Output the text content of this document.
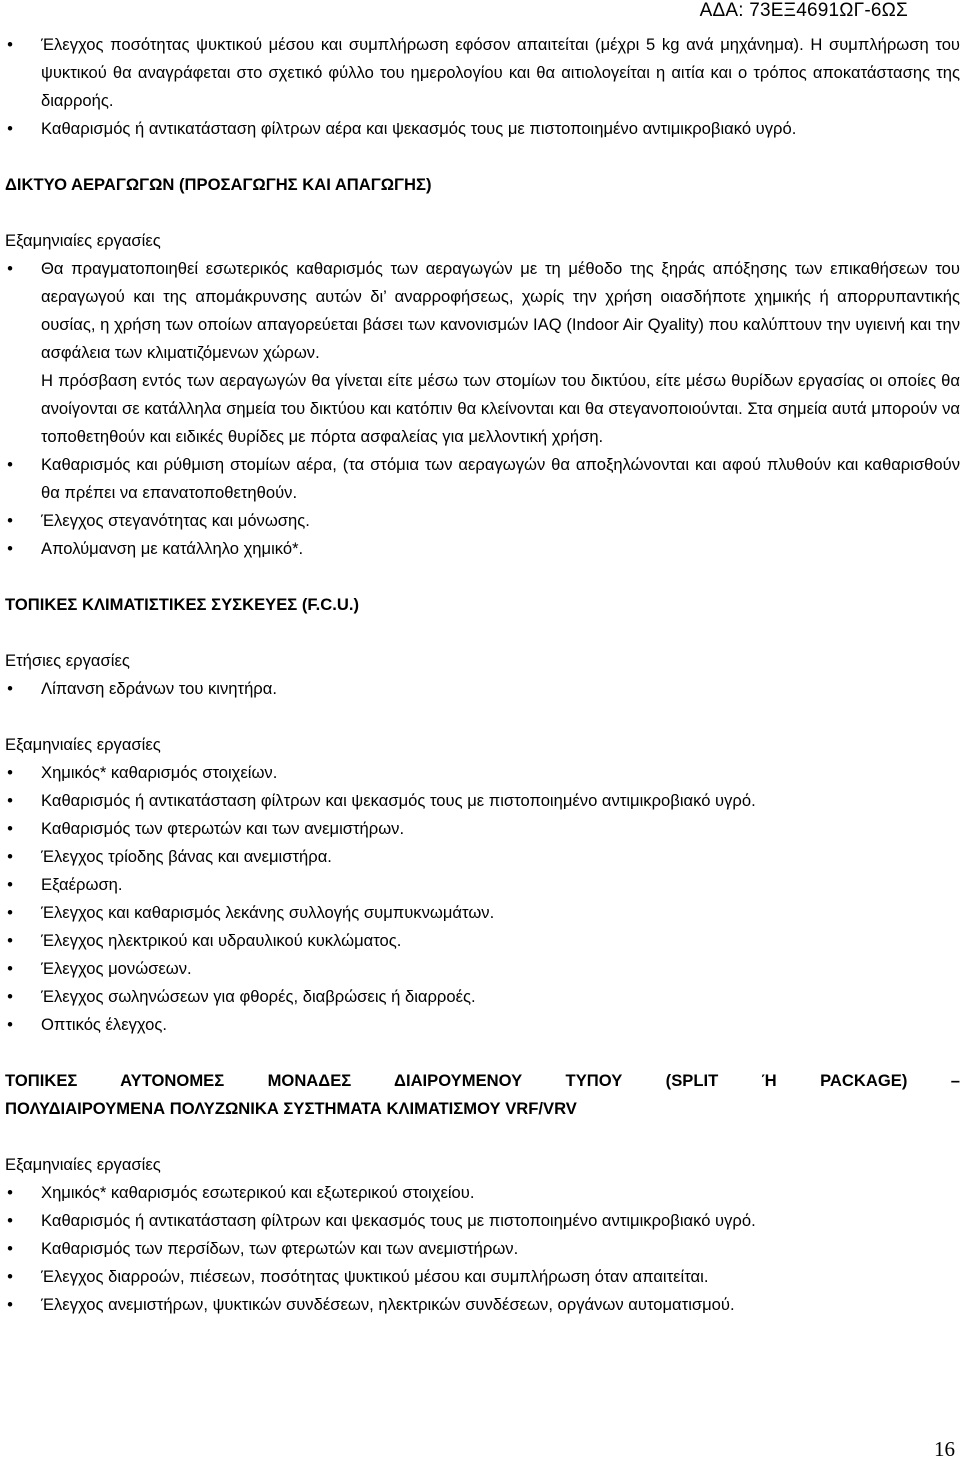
ΑΔΑ: 73ΕΞ4691ΩΓ-6ΩΣ
• Έλεγχος ποσότητας ψυκτικού μέσου και συμπλήρωση εφόσον απαιτείται (μέχρι 5 kg ανά μηχάνημα). Η συμπλήρωση του ψυκτικού θα αναγράφεται στο σχετικό φύλλο του ημερολογίου και θα αιτιολογείται η αιτία και ο τρόπος αποκατάστασης της διαρροής.
• Καθαρισμός ή αντικατάσταση φίλτρων αέρα και ψεκασμός τους με πιστοποιημένο αντιμικροβιακό υγρό.
ΔΙΚΤΥΟ ΑΕΡΑΓΩΓΩΝ (ΠΡΟΣΑΓΩΓΗΣ ΚΑΙ ΑΠΑΓΩΓΗΣ)
Εξαμηνιαίες εργασίες
• Θα πραγματοποιηθεί εσωτερικός καθαρισμός των αεραγωγών με τη μέθοδο της ξηράς απόξησης των επικαθήσεων του αεραγωγού και της απομάκρυνσης αυτών δι’ αναρροφήσεως, χωρίς την χρήση οιασδήποτε χημικής ή απορρυπαντικής ουσίας, η χρήση των οποίων απαγορεύεται βάσει των κανονισμών IAQ (Indoor Air Qyality) που καλύπτουν την υγιεινή και την ασφάλεια των κλιματιζόμενων χώρων.
Η πρόσβαση εντός των αεραγωγών θα γίνεται είτε μέσω των στομίων του δικτύου, είτε μέσω θυρίδων εργασίας οι οποίες θα ανοίγονται σε κατάλληλα σημεία του δικτύου και κατόπιν θα κλείνονται και θα στεγανοποιούνται. Στα σημεία αυτά μπορούν να τοποθετηθούν και ειδικές θυρίδες με πόρτα ασφαλείας για μελλοντική χρήση.
• Καθαρισμός και ρύθμιση στομίων αέρα, (τα στόμια των αεραγωγών θα αποξηλώνονται και αφού πλυθούν και καθαρισθούν θα πρέπει να επανατοποθετηθούν.
• Έλεγχος στεγανότητας και μόνωσης.
• Απολύμανση με κατάλληλο χημικό*.
ΤΟΠΙΚΕΣ ΚΛΙΜΑΤΙΣΤΙΚΕΣ ΣΥΣΚΕΥΕΣ (F.C.U.)
Ετήσιες εργασίες
• Λίπανση εδράνων του κινητήρα.
Εξαμηνιαίες εργασίες
• Χημικός* καθαρισμός στοιχείων.
• Καθαρισμός ή αντικατάσταση φίλτρων και ψεκασμός τους με πιστοποιημένο αντιμικροβιακό υγρό.
• Καθαρισμός των φτερωτών και των ανεμιστήρων.
• Έλεγχος τρίοδης βάνας και ανεμιστήρα.
• Εξαέρωση.
• Έλεγχος και καθαρισμός λεκάνης συλλογής συμπυκνωμάτων.
• Έλεγχος ηλεκτρικού και υδραυλικού κυκλώματος.
• Έλεγχος μονώσεων.
• Έλεγχος σωληνώσεων για φθορές, διαβρώσεις ή διαρροές.
• Οπτικός έλεγχος.
ΤΟΠΙΚΕΣ ΑΥΤΟΝΟΜΕΣ ΜΟΝΑΔΕΣ ΔΙΑΙΡΟΥΜΕΝΟΥ ΤΥΠΟΥ (SPLIT Ή PACKAGE) –
ΠΟΛΥΔΙΑΙΡΟΥΜΕΝΑ ΠΟΛΥΖΩΝΙΚΑ ΣΥΣΤΗΜΑΤΑ ΚΛΙΜΑΤΙΣΜΟΥ VRF/VRV
Εξαμηνιαίες εργασίες
• Χημικός* καθαρισμός εσωτερικού και εξωτερικού στοιχείου.
• Καθαρισμός ή αντικατάσταση φίλτρων και ψεκασμός τους με πιστοποιημένο αντιμικροβιακό υγρό.
• Καθαρισμός των περσίδων, των φτερωτών και των ανεμιστήρων.
• Έλεγχος διαρροών, πιέσεων, ποσότητας ψυκτικού μέσου και συμπλήρωση όταν απαιτείται.
• Έλεγχος ανεμιστήρων, ψυκτικών συνδέσεων, ηλεκτρικών συνδέσεων, οργάνων αυτοματισμού.
16
